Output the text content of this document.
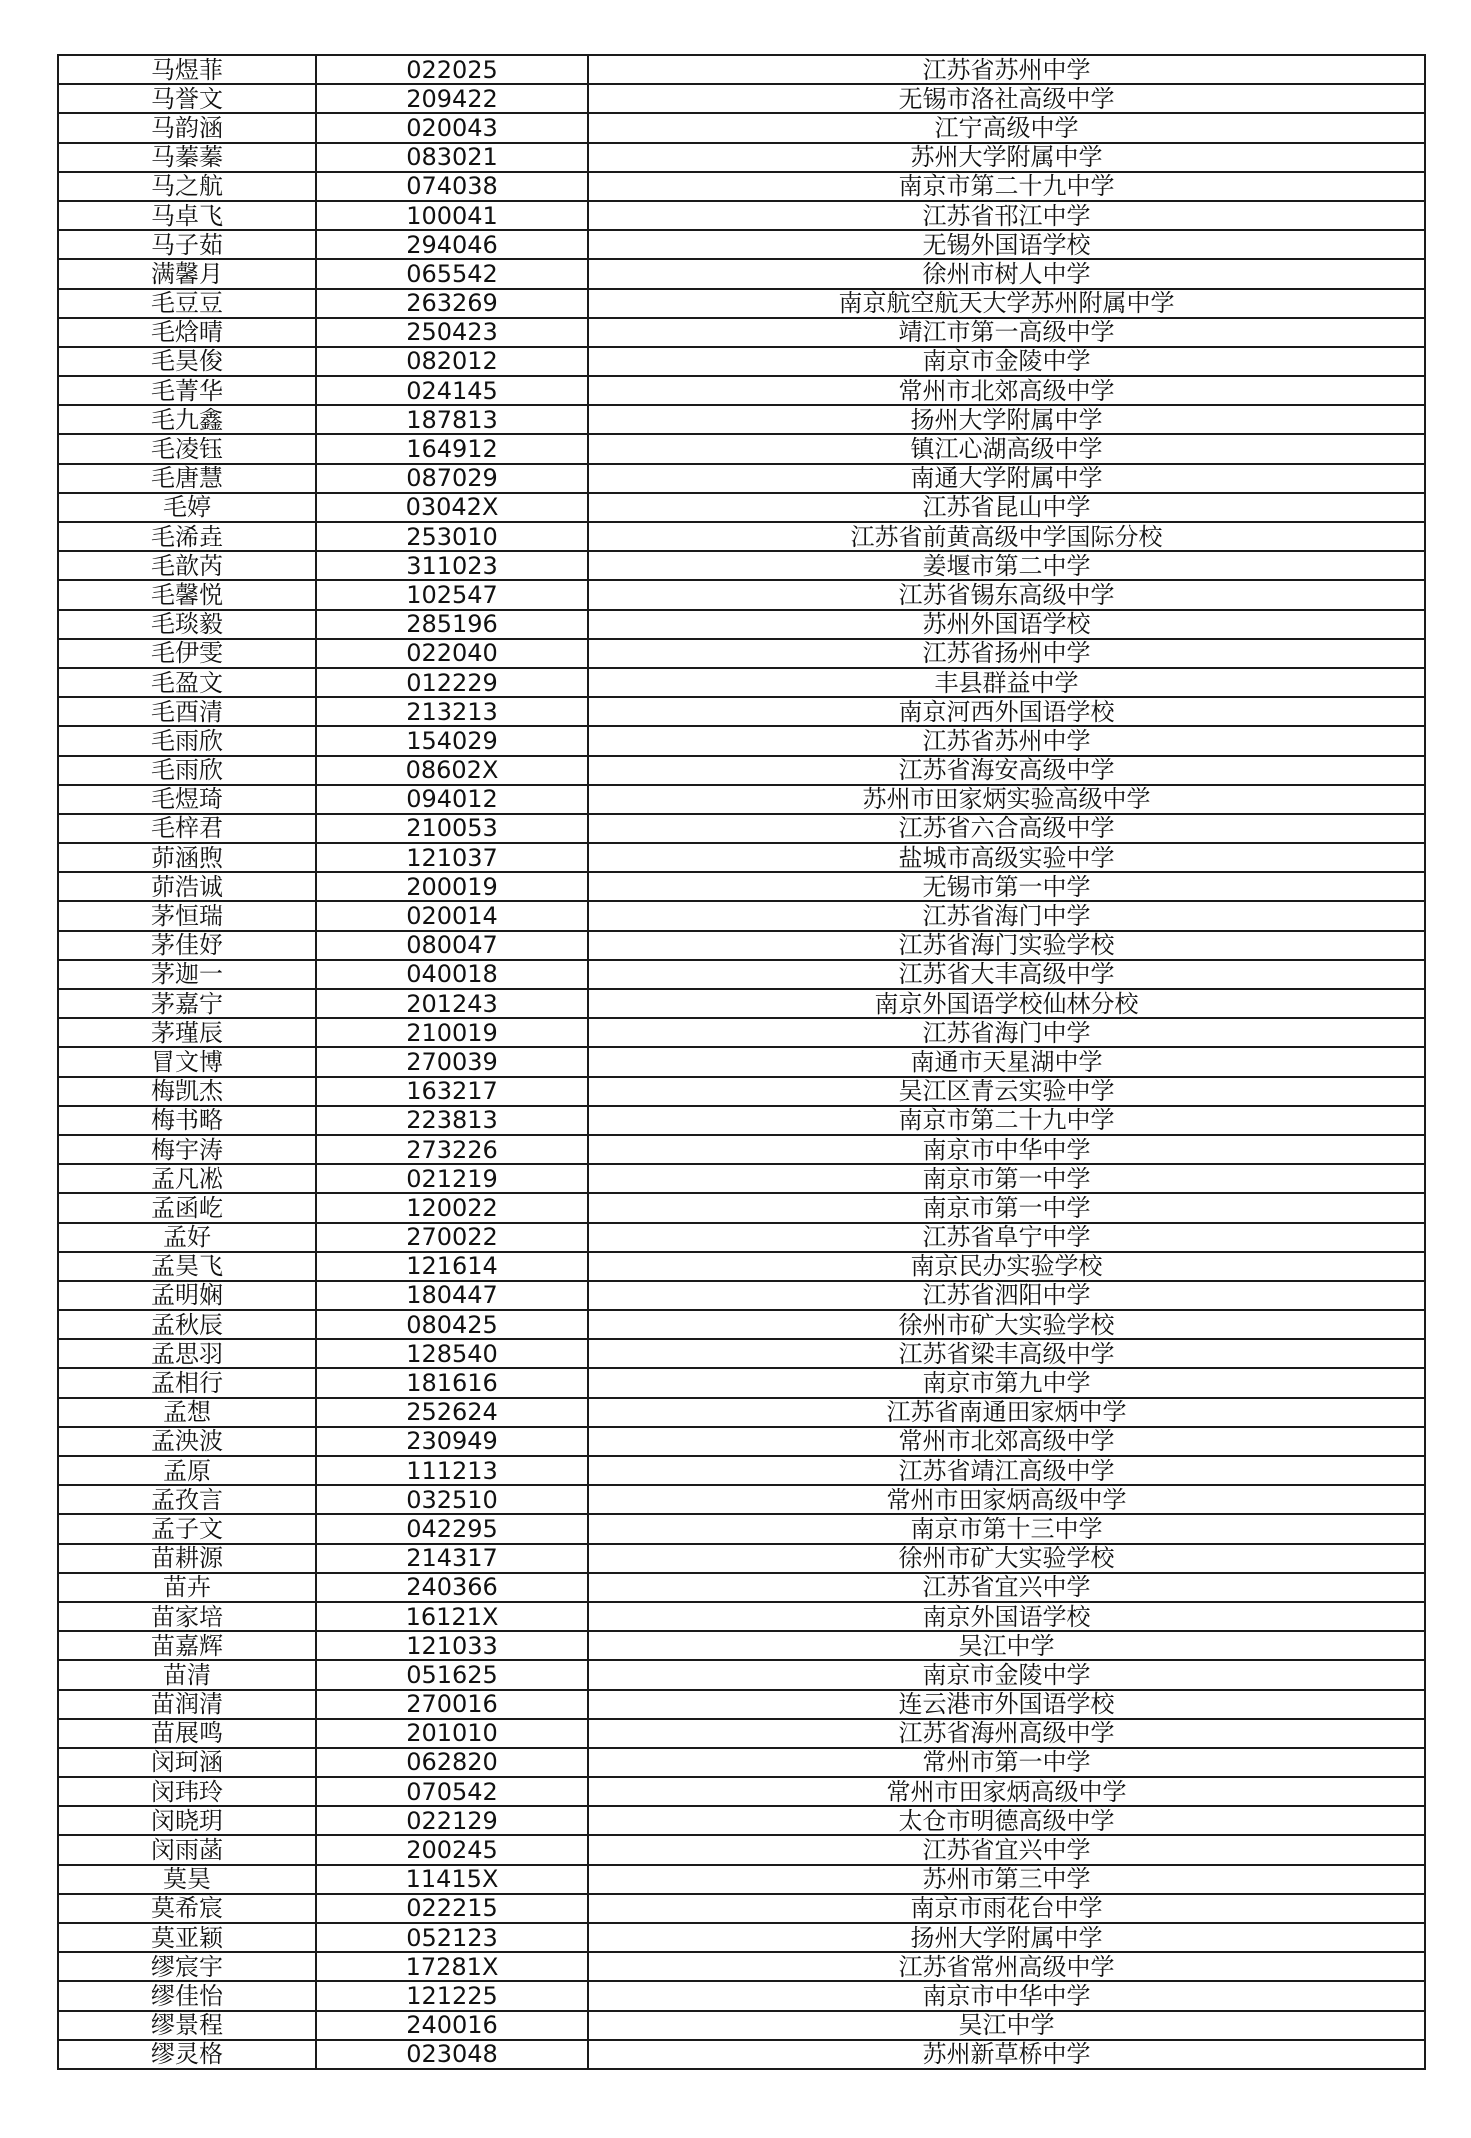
马煜菲	022025	江苏省苏州中学
马誉文	209422	无锡市洛社高级中学
马韵涵	020043	江宁高级中学
马蓁蓁	083021	苏州大学附属中学
马之航	074038	南京市第二十九中学
马卓飞	100041	江苏省邗江中学
马子茹	294046	无锡外国语学校
满馨月	065542	徐州市树人中学
毛豆豆	263269	南京航空航天大学苏州附属中学
毛焓晴	250423	靖江市第一高级中学
毛昊俊	082012	南京市金陵中学
毛菁华	024145	常州市北郊高级中学
毛九鑫	187813	扬州大学附属中学
毛凌钰	164912	镇江心湖高级中学
毛唐慧	087029	南通大学附属中学
毛婷	03042X	江苏省昆山中学
毛浠垚	253010	江苏省前黄高级中学国际分校
毛歆芮	311023	姜堰市第二中学
毛馨悦	102547	江苏省锡东高级中学
毛琰毅	285196	苏州外国语学校
毛伊雯	022040	江苏省扬州中学
毛盈文	012229	丰县群益中学
毛酉清	213213	南京河西外国语学校
毛雨欣	154029	江苏省苏州中学
毛雨欣	08602X	江苏省海安高级中学
毛煜琦	094012	苏州市田家炳实验高级中学
毛梓君	210053	江苏省六合高级中学
茆涵煦	121037	盐城市高级实验中学
茆浩诚	200019	无锡市第一中学
茅恒瑞	020014	江苏省海门中学
茅佳妤	080047	江苏省海门实验学校
茅迦一	040018	江苏省大丰高级中学
茅嘉宁	201243	南京外国语学校仙林分校
茅瑾辰	210019	江苏省海门中学
冒文博	270039	南通市天星湖中学
梅凯杰	163217	吴江区青云实验中学
梅书略	223813	南京市第二十九中学
梅宇涛	273226	南京市中华中学
孟凡凇	021219	南京市第一中学
孟函屹	120022	南京市第一中学
孟好	270022	江苏省阜宁中学
孟昊飞	121614	南京民办实验学校
孟明娴	180447	江苏省泗阳中学
孟秋辰	080425	徐州市矿大实验学校
孟思羽	128540	江苏省梁丰高级中学
孟相行	181616	南京市第九中学
孟想	252624	江苏省南通田家炳中学
孟泱波	230949	常州市北郊高级中学
孟原	111213	江苏省靖江高级中学
孟孜言	032510	常州市田家炳高级中学
孟子文	042295	南京市第十三中学
苗耕源	214317	徐州市矿大实验学校
苗卉	240366	江苏省宜兴中学
苗家培	16121X	南京外国语学校
苗嘉辉	121033	吴江中学
苗清	051625	南京市金陵中学
苗润清	270016	连云港市外国语学校
苗展鸣	201010	江苏省海州高级中学
闵珂涵	062820	常州市第一中学
闵玮玲	070542	常州市田家炳高级中学
闵晓玥	022129	太仓市明德高级中学
闵雨菡	200245	江苏省宜兴中学
莫昊	11415X	苏州市第三中学
莫希宸	022215	南京市雨花台中学
莫亚颖	052123	扬州大学附属中学
缪宸宇	17281X	江苏省常州高级中学
缪佳怡	121225	南京市中华中学
缪景程	240016	吴江中学
缪灵格	023048	苏州新草桥中学
